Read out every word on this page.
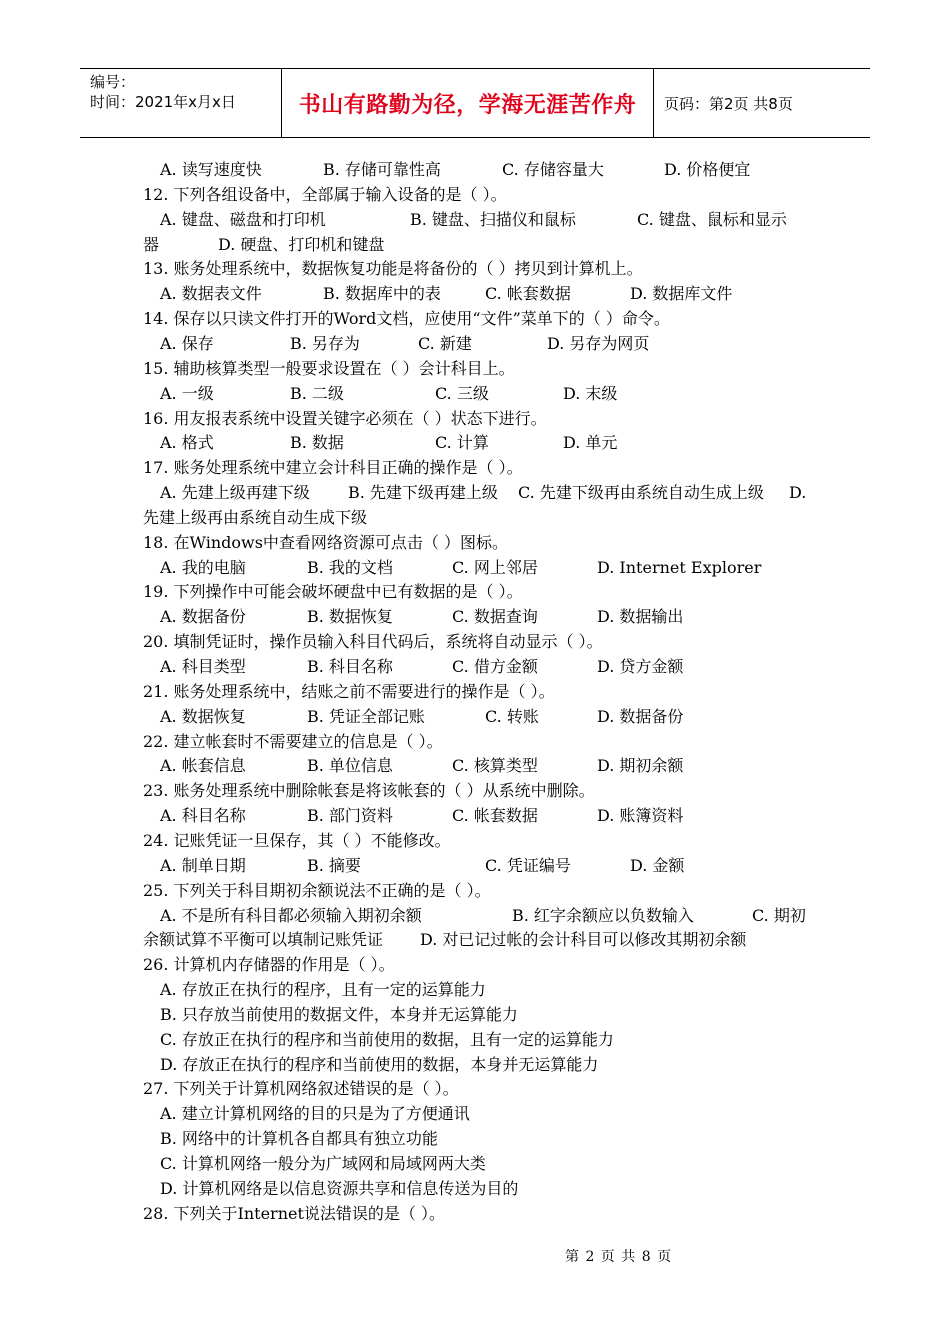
编号：
时间：2021年x月x日	书山有路勤为径，学海无涯苦作舟 页码：第2页 共8页
A. 读写速度快	B. 存储可靠性高	C. 存储容量大	D. 价格便宜
12. 下列各组设备中，全部属于输入设备的是（ ）。
A. 键盘、磁盘和打印机	B. 键盘、扫描仪和鼠标	C. 键盘、鼠标和显示
器	D. 硬盘、打印机和键盘
13. 账务处理系统中，数据恢复功能是将备份的（ ）拷贝到计算机上。
A. 数据表文件	B. 数据库中的表	C. 帐套数据	D. 数据库文件
14. 保存以只读文件打开的Word文档，应使用“文件”菜单下的（ ）命令。
A. 保存	B. 另存为	C. 新建	D. 另存为网页
15. 辅助核算类型一般要求设置在（ ）会计科目上。
A. 一级	B. 二级	C. 三级	D. 末级
16. 用友报表系统中设置关键字必须在（ ）状态下进行。
A. 格式	B. 数据	C. 计算	D. 单元
17. 账务处理系统中建立会计科目正确的操作是（ ）。
A. 先建上级再建下级 B. 先建下级再建上级 C. 先建下级再由系统自动生成上级 D.
先建上级再由系统自动生成下级
18. 在Windows中查看网络资源可点击（ ）图标。
A. 我的电脑	B. 我的文档	C. 网上邻居	D. Internet Explorer
19. 下列操作中可能会破坏硬盘中已有数据的是（ ）。
A. 数据备份	B. 数据恢复	C. 数据查询	D. 数据输出
20. 填制凭证时，操作员输入科目代码后，系统将自动显示（ ）。
A. 科目类型	B. 科目名称	C. 借方金额	D. 贷方金额
21. 账务处理系统中，结账之前不需要进行的操作是（ ）。
A. 数据恢复	B. 凭证全部记账	C. 转账	D. 数据备份
22. 建立帐套时不需要建立的信息是（ ）。
A. 帐套信息	B. 单位信息	C. 核算类型	D. 期初余额
23. 账务处理系统中删除帐套是将该帐套的（ ）从系统中删除。
A. 科目名称	B. 部门资料	C. 帐套数据	D. 账簿资料
24. 记账凭证一旦保存，其（ ）不能修改。
A. 制单日期	B. 摘要	C. 凭证编号	D. 金额
25. 下列关于科目期初余额说法不正确的是（ ）。
A. 不是所有科目都必须输入期初余额	B. 红字余额应以负数输入	C. 期初
余额试算不平衡可以填制记账凭证 D. 对已记过帐的会计科目可以修改其期初余额
26. 计算机内存储器的作用是（ ）。
A. 存放正在执行的程序，且有一定的运算能力
B. 只存放当前使用的数据文件，本身并无运算能力
C. 存放正在执行的程序和当前使用的数据，且有一定的运算能力
D. 存放正在执行的程序和当前使用的数据，本身并无运算能力
27. 下列关于计算机网络叙述错误的是（ ）。
A. 建立计算机网络的目的只是为了方便通讯
B. 网络中的计算机各自都具有独立功能
C. 计算机网络一般分为广域网和局域网两大类
D. 计算机网络是以信息资源共享和信息传送为目的
28. 下列关于Internet说法错误的是（ ）。
第 2 页 共 8 页
